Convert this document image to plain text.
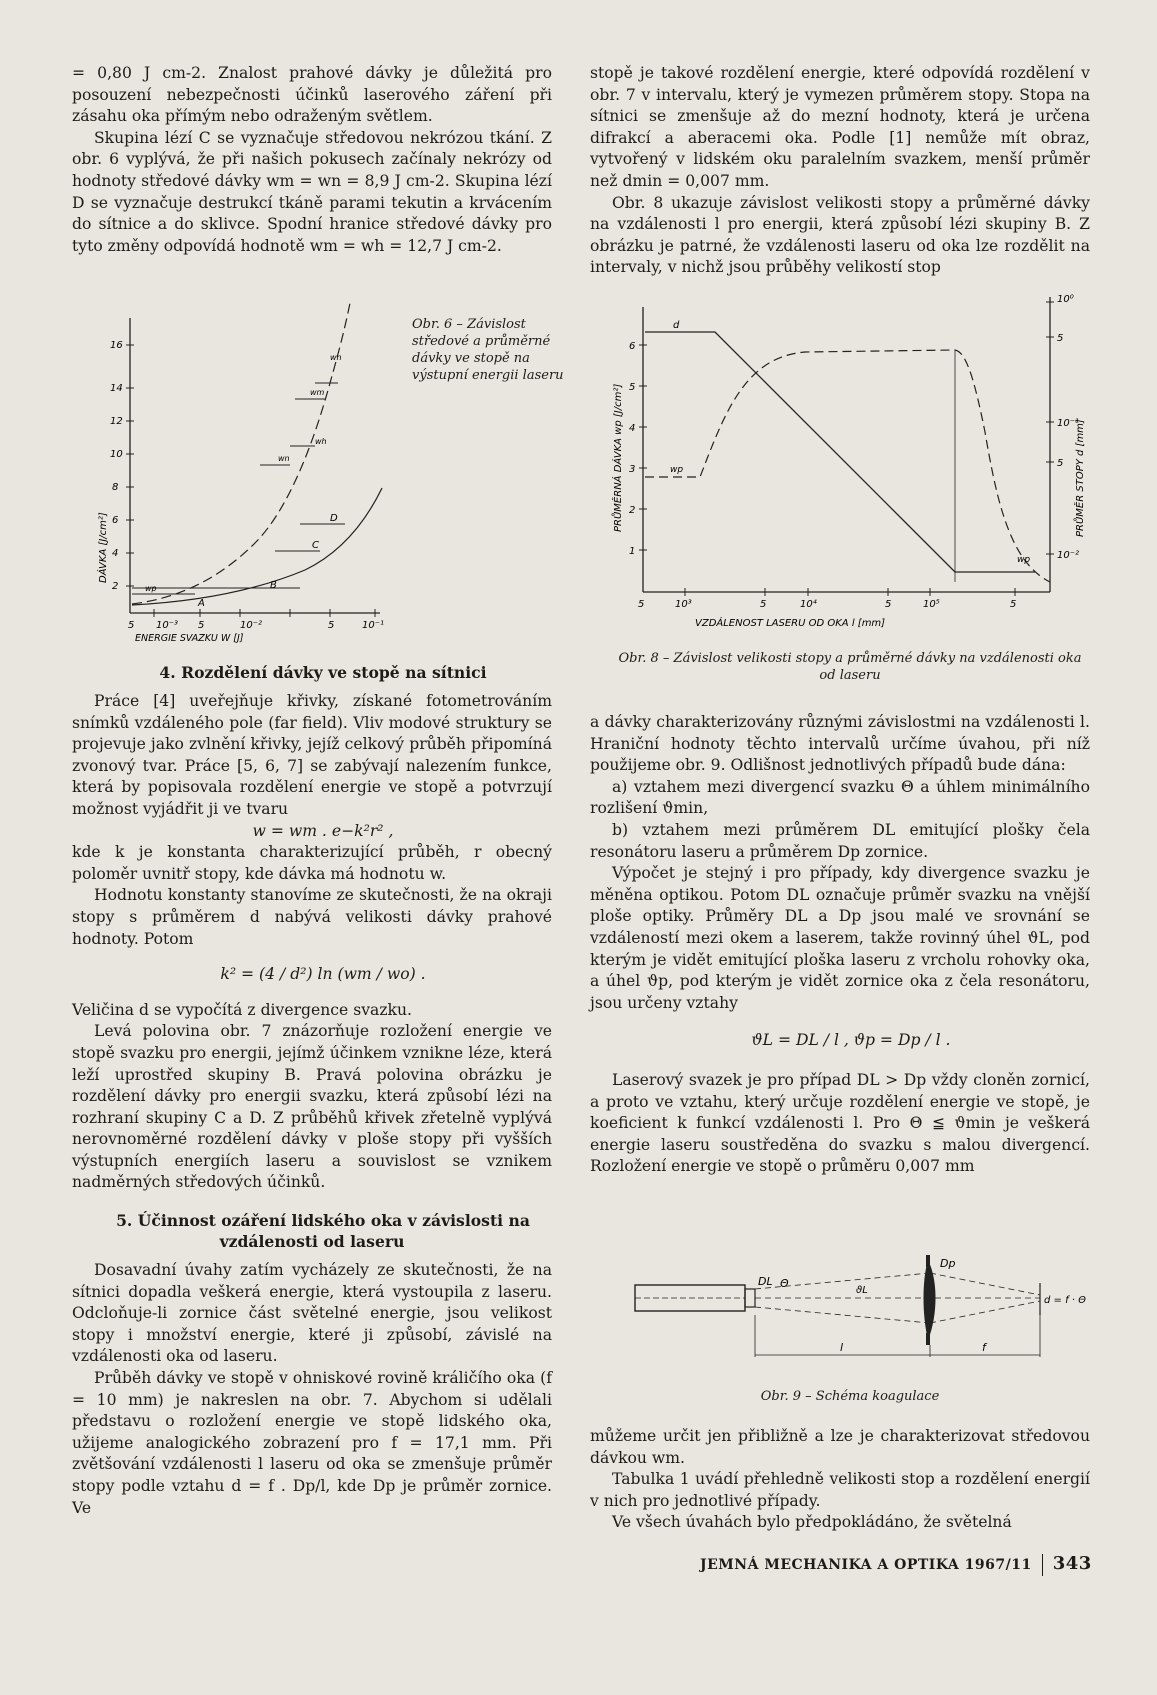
= 0,80 J cm-2. Znalost prahové dávky je důležitá pro posouzení nebezpečnosti účinků laserového záření při zásahu oka přímým nebo odraženým světlem.

Skupina lézí C se vyznačuje středovou nekrózou tkání. Z obr. 6 vyplývá, že při našich pokusech začínaly nekrózy od hodnoty středové dávky wm = wn = 8,9 J cm-2. Skupina lézí D se vyznačuje destrukcí tkáně parami tekutin a krvácením do sítnice a do sklivce. Spodní hranice středové dávky pro tyto změny odpovídá hodnotě wm = wh = 12,7 J cm-2.

2
4
6
8
10
12
14
16
DÁVKA [J/cm²]
5 10⁻³ 5	10⁻²	5	10⁻¹
ENERGIE SVAZKU W [J]
A
B
C
D
wp
wn
wh
wm
wn
Obr. 6 – Závislost středové a průměrné dávky ve stopě na výstupní energii laseru

4. Rozdělení dávky ve stopě na sítnici

Práce [4] uveřejňuje křivky, získané fotometrováním snímků vzdáleného pole (far field). Vliv modové struktury se projevuje jako zvlnění křivky, jejíž celkový průběh připomíná zvonový tvar. Práce [5, 6, 7] se zabývají nalezením funkce, která by popisovala rozdělení energie ve stopě a potvrzují možnost vyjádřit ji ve tvaru

w = wm . e−k²r² ,

kde k je konstanta charakterizující průběh, r obecný poloměr uvnitř stopy, kde dávka má hodnotu w.

Hodnotu konstanty stanovíme ze skutečnosti, že na okraji stopy s průměrem d nabývá velikosti dávky prahové hodnoty. Potom

k² = (4 / d²) ln (wm / wo) .

Veličina d se vypočítá z divergence svazku.

Levá polovina obr. 7 znázorňuje rozložení energie ve stopě svazku pro energii, jejímž účinkem vznikne léze, která leží uprostřed skupiny B. Pravá polovina obrázku je rozdělení dávky pro energii svazku, která způsobí lézi na rozhraní skupiny C a D. Z průběhů křivek zřetelně vyplývá nerovnoměrné rozdělení dávky v ploše stopy při vyšších výstupních energiích laseru a souvislost se vznikem nadměrných středových účinků.

5. Účinnost ozáření lidského oka v závislosti na vzdálenosti od laseru

Dosavadní úvahy zatím vycházely ze skutečnosti, že na sítnici dopadla veškerá energie, která vystoupila z laseru. Odcloňuje-li zornice část světelné energie, jsou velikost stopy i množství energie, které ji způsobí, závislé na vzdálenosti oka od laseru.

Průběh dávky ve stopě v ohniskové rovině králičího oka (f = 10 mm) je nakreslen na obr. 7. Abychom si udělali představu o rozložení energie ve stopě lidského oka, užijeme analogického zobrazení pro f = 17,1 mm. Při zvětšování vzdálenosti l laseru od oka se zmenšuje průměr stopy podle vztahu d = f . Dp/l, kde Dp je průměr zornice. Ve

stopě je takové rozdělení energie, které odpovídá rozdělení v obr. 7 v intervalu, který je vymezen průměrem stopy. Stopa na sítnici se zmenšuje až do mezní hodnoty, která je určena difrakcí a aberacemi oka. Podle [1] nemůže mít obraz, vytvořený v lidském oku paralelním svazkem, menší průměr než dmin = 0,007 mm.

Obr. 8 ukazuje závislost velikosti stopy a průměrné dávky na vzdálenosti l pro energii, která způsobí lézi skupiny B. Z obrázku je patrné, že vzdálenosti laseru od oka lze rozdělit na intervaly, v nichž jsou průběhy velikostí stop

1
2
3
4
5
6
10⁰
5
10⁻¹
5
10⁻²
5	10³	5	10⁴	5	10⁵	5
VZDÁLENOST LASERU OD OKA l [mm]
PRŮMĚRNÁ DÁVKA wp [J/cm²]	PRŮMĚR STOPY d [mm]
d
wp
wp
Obr. 8 – Závislost velikosti stopy a průměrné dávky na vzdálenosti oka od laseru

a dávky charakterizovány různými závislostmi na vzdálenosti l. Hraniční hodnoty těchto intervalů určíme úvahou, při níž použijeme obr. 9. Odlišnost jednotlivých případů bude dána:

a) vztahem mezi divergencí svazku Θ a úhlem minimálního rozlišení ϑmin,

b) vztahem mezi průměrem DL emitující plošky čela resonátoru laseru a průměrem Dp zornice.

Výpočet je stejný i pro případy, kdy divergence svazku je měněna optikou. Potom DL označuje průměr svazku na vnější ploše optiky. Průměry DL a Dp jsou malé ve srovnání se vzdáleností mezi okem a laserem, takže rovinný úhel ϑL, pod kterým je vidět emitující ploška laseru z vrcholu rohovky oka, a úhel ϑp, pod kterým je vidět zornice oka z čela resonátoru, jsou určeny vztahy

ϑL = DL / l , ϑp = Dp / l .

Laserový svazek je pro případ DL > Dp vždy cloněn zornicí, a proto ve vztahu, který určuje rozdělení energie ve stopě, je koeficient k funkcí vzdálenosti l. Pro Θ ≦ ϑmin je veškerá energie laseru soustředěna do svazku s malou divergencí. Rozložení energie ve stopě o průměru 0,007 mm

DL Θ
ϑL
Dp
l	f
d = f · Θ
Obr. 9 – Schéma koagulace

můžeme určit jen přibližně a lze je charakterizovat středovou dávkou wm.

Tabulka 1 uvádí přehledně velikosti stop a rozdělení energií v nich pro jednotlivé případy.

Ve všech úvahách bylo předpokládáno, že světelná

JEMNÁ MECHANIKA A OPTIKA 1967/11 343
